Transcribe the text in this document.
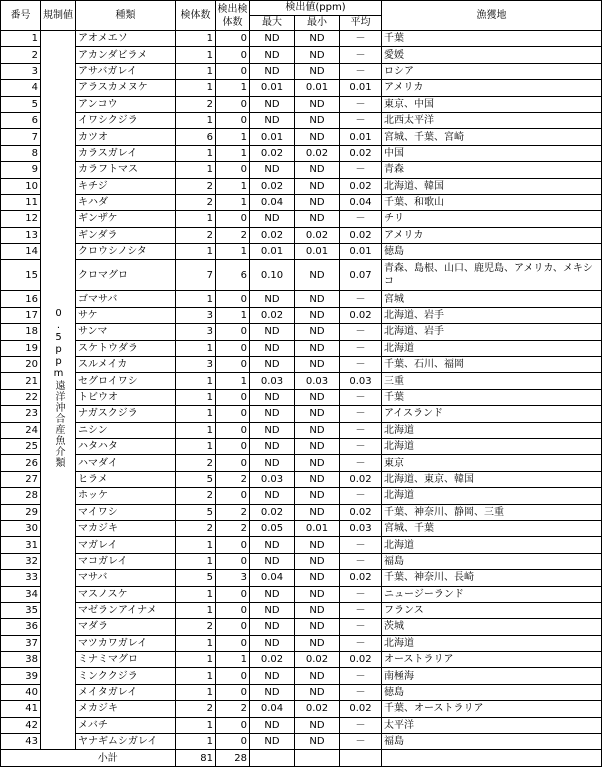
番号	規制値	種類	検体数	検出検体数	検出値(ppm)			漁獲地
					最大	最小	平均	
1	0.5ppm遠洋沖合産魚介類	アオメエソ	1	0	ND	ND	－	千葉
2		アカンダビラメ	1	0	ND	ND	－	愛媛
3		アサバガレイ	1	0	ND	ND	－	ロシア
4		アラスカメヌケ	1	1	0.01	0.01	0.01	アメリカ
5		アンコウ	2	0	ND	ND	－	東京、中国
6		イワシクジラ	1	0	ND	ND	－	北西太平洋
7		カツオ	6	1	0.01	ND	0.01	宮城、千葉、宮崎
8		カラスガレイ	1	1	0.02	0.02	0.02	中国
9		カラフトマス	1	0	ND	ND	－	青森
10		キチジ	2	1	0.02	ND	0.02	北海道、韓国
11		キハダ	2	1	0.04	ND	0.04	千葉、和歌山
12		ギンザケ	1	0	ND	ND	－	チリ
13		ギンダラ	2	2	0.02	0.02	0.02	アメリカ
14		クロウシノシタ	1	1	0.01	0.01	0.01	徳島
15		クロマグロ	7	6	0.10	ND	0.07	青森、島根、山口、鹿児島、アメリカ、メキシコ
16		ゴマサバ	1	0	ND	ND	－	宮城
17		サケ	3	1	0.02	ND	0.02	北海道、岩手
18		サンマ	3	0	ND	ND	－	北海道、岩手
19		スケトウダラ	1	0	ND	ND	－	北海道
20		スルメイカ	3	0	ND	ND	－	千葉、石川、福岡
21		セグロイワシ	1	1	0.03	0.03	0.03	三重
22		トビウオ	1	0	ND	ND	－	千葉
23		ナガスクジラ	1	0	ND	ND	－	アイスランド
24		ニシン	1	0	ND	ND	－	北海道
25		ハタハタ	1	0	ND	ND	－	北海道
26		ハマダイ	2	0	ND	ND	－	東京
27		ヒラメ	5	2	0.03	ND	0.02	北海道、東京、韓国
28		ホッケ	2	0	ND	ND	－	北海道
29		マイワシ	5	2	0.02	ND	0.02	千葉、神奈川、静岡、三重
30		マカジキ	2	2	0.05	0.01	0.03	宮城、千葉
31		マガレイ	1	0	ND	ND	－	北海道
32		マコガレイ	1	0	ND	ND	－	福島
33		マサバ	5	3	0.04	ND	0.02	千葉、神奈川、長崎
34		マスノスケ	1	0	ND	ND	－	ニュージーランド
35		マゼランアイナメ	1	0	ND	ND	－	フランス
36		マダラ	2	0	ND	ND	－	茨城
37		マツカワガレイ	1	0	ND	ND	－	北海道
38		ミナミマグロ	1	1	0.02	0.02	0.02	オーストラリア
39		ミンククジラ	1	0	ND	ND	－	南極海
40		メイタガレイ	1	0	ND	ND	－	徳島
41		メカジキ	2	2	0.04	0.02	0.02	千葉、オーストラリア
42		メバチ	1	0	ND	ND	－	太平洋
43		ヤナギムシガレイ	1	0	ND	ND	－	福島
	小計		81	28				
